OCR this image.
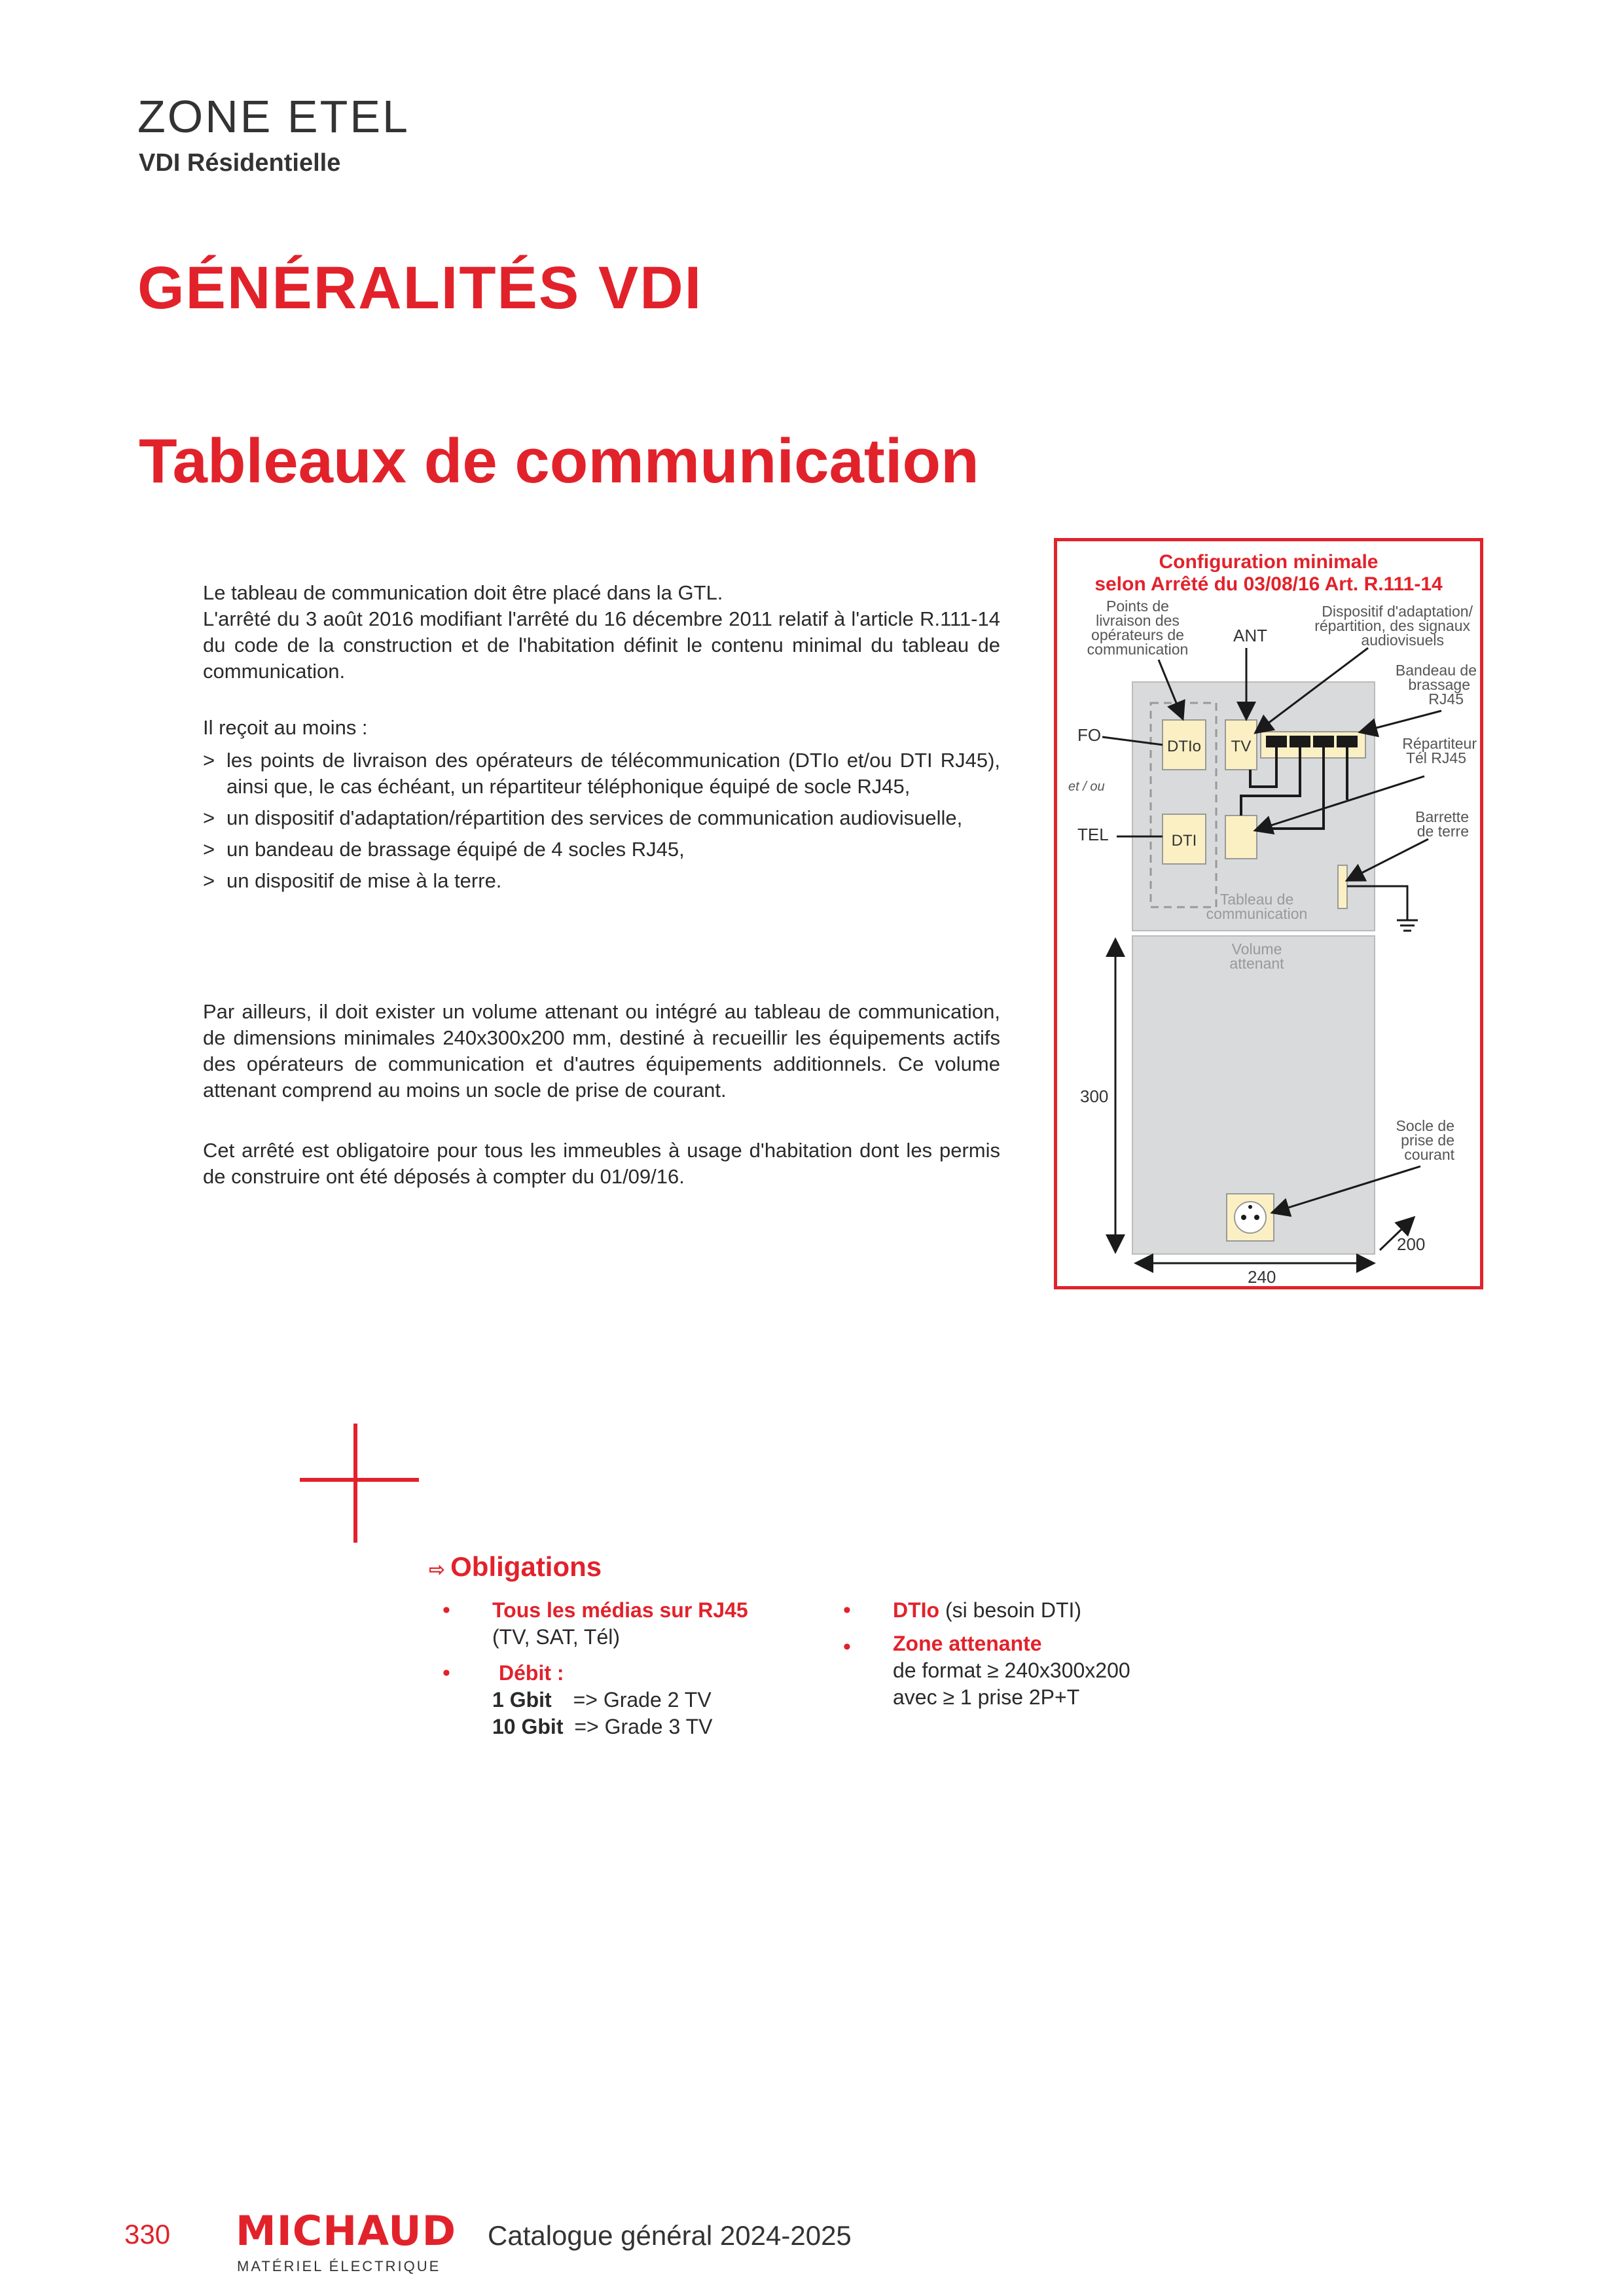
ZONE ETEL
VDI Résidentielle
GÉNÉRALITÉS VDI
Tableaux de communication

Le tableau de communication doit être placé dans la GTL.

L'arrêté du 3 août 2016 modifiant l'arrêté du 16 décembre 2011 relatif à l'article R.111-14 du code de la construction et de l'habitation définit le contenu minimal du tableau de communication.

Il reçoit au moins :
> les points de livraison des opérateurs de télécommunication (DTIo et/ou DTI RJ45), ainsi que, le cas échéant, un répartiteur téléphonique équipé de socle RJ45,
> un dispositif d'adaptation/répartition des services de communication audiovisuelle,
> un bandeau de brassage équipé de 4 socles RJ45,
> un dispositif de mise à la terre.
Par ailleurs, il doit exister un volume attenant ou intégré au tableau de communication, de dimensions minimales 240x300x200 mm, destiné à recueillir les équipements actifs des opérateurs de communication et d'autres équipements additionnels. Ce volume attenant comprend au moins un socle de prise de courant.
Cet arrêté est obligatoire pour tous les immeubles à usage d'habitation dont les permis de construire ont été déposés à compter du 01/09/16.
Configuration minimale
selon Arrêté du 03/08/16 Art. R.111-14
Points de
livraison des
opérateurs de
communication
ANT
Dispositif d'adaptation/
répartition, des signaux
audiovisuels
Bandeau de
brassage
RJ45
DTIo
DTI
TV
FO
et / ou
TEL
Répartiteur
Tél RJ45
Barrette
de terre
Tableau de
communication
Volume
attenant
Socle de
prise de
courant
300
240
200
⇨ Obligations
• Tous les médias sur RJ45
(TV, SAT, Tél)
•	Débit :
1 Gbit => Grade 2 TV
10 Gbit => Grade 3 TV
• DTIo (si besoin DTI)
• Zone attenante
de format ≥ 240x300x200
avec ≥ 1 prise 2P+T
330 MICHAUD
MATÉRIEL ÉLECTRIQUE
Catalogue général 2024-2025
